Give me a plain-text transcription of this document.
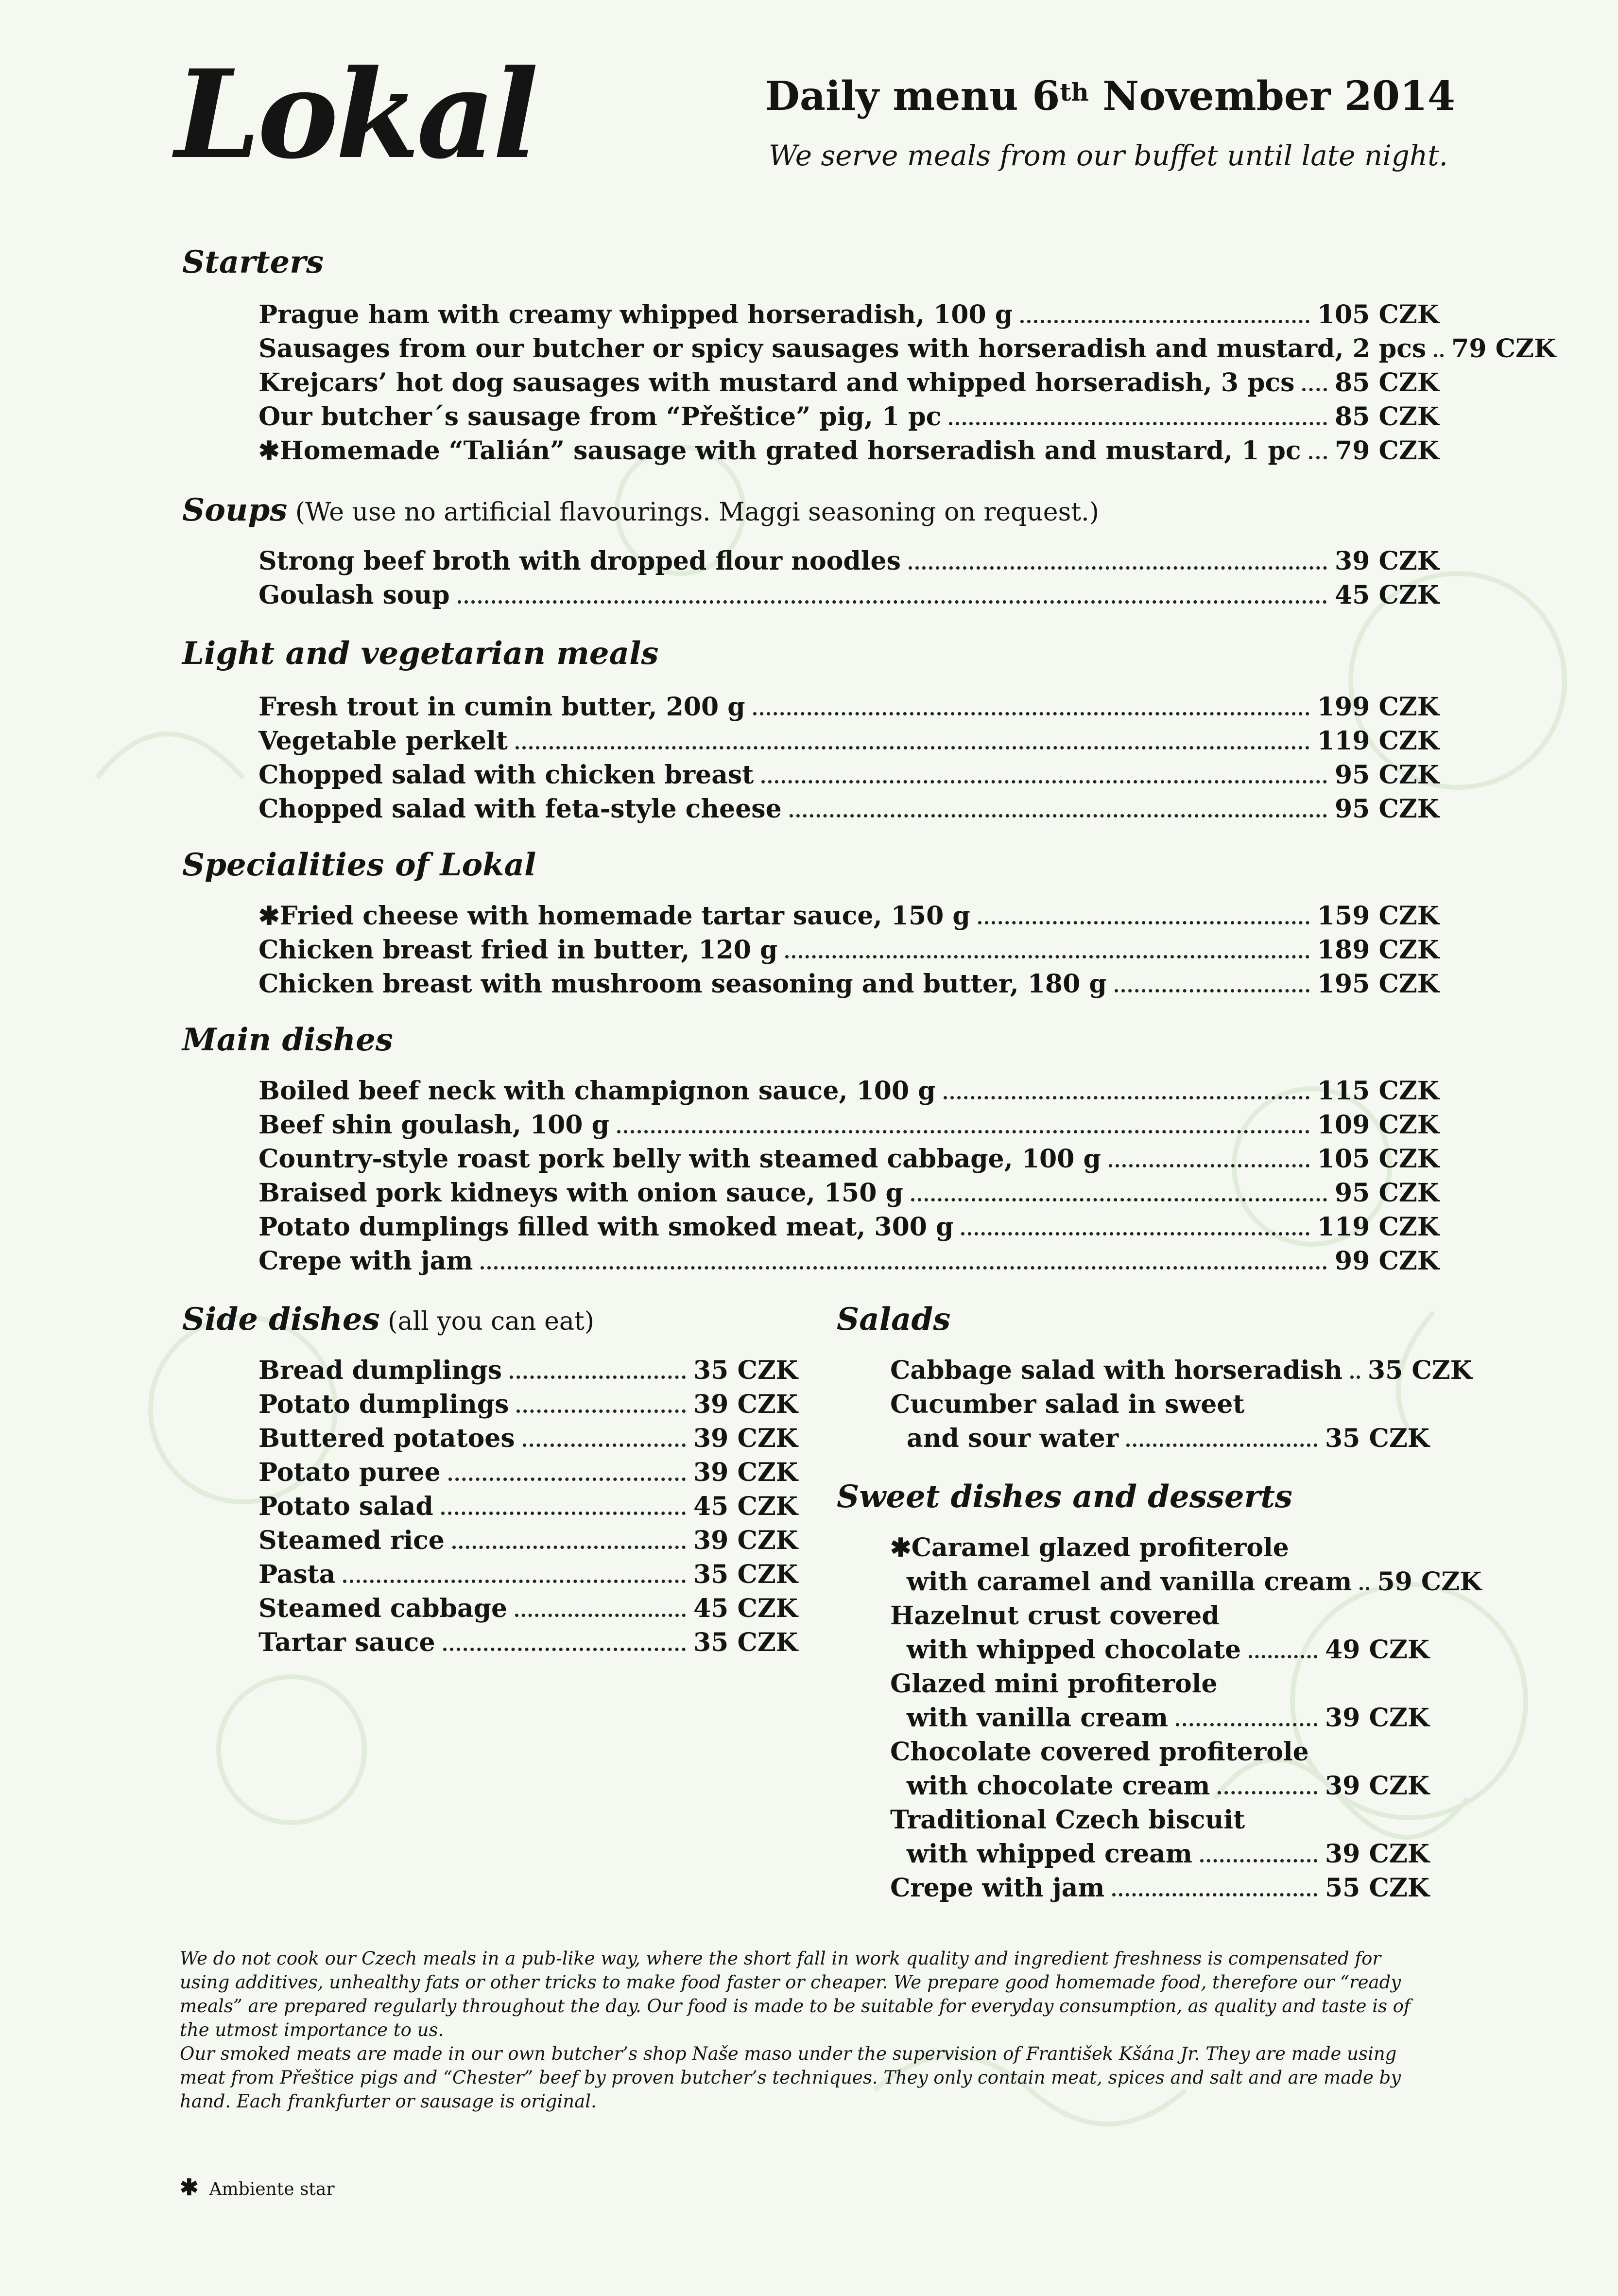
Lokal	Daily menu 6th November 2014
We serve meals from our buffet until late night.
Starters
Prague ham with creamy whipped horseradish, 100 g	105 CZK
Sausages from our butcher or spicy sausages with horseradish and mustard, 2 pcs 79 CZK
Krejcars’ hot dog sausages with mustard and whipped horseradish, 3 pcs 85 CZK
Our butcher´s sausage from “Přeštice” pig, 1 pc	85 CZK
✱Homemade “Talián” sausage with grated horseradish and mustard, 1 pc 79 CZK
Soups (We use no artificial flavourings. Maggi seasoning on request.)
Strong beef broth with dropped flour noodles	39 CZK
Goulash soup	45 CZK
Light and vegetarian meals
Fresh trout in cumin butter, 200 g	199 CZK
Vegetable perkelt	119 CZK
Chopped salad with chicken breast	95 CZK
Chopped salad with feta-style cheese	95 CZK
Specialities of Lokal
✱Fried cheese with homemade tartar sauce, 150 g	159 CZK
Chicken breast fried in butter, 120 g	189 CZK
Chicken breast with mushroom seasoning and butter, 180 g	195 CZK
Main dishes
Boiled beef neck with champignon sauce, 100 g	115 CZK
Beef shin goulash, 100 g	109 CZK
Country-style roast pork belly with steamed cabbage, 100 g	105 CZK
Braised pork kidneys with onion sauce, 150 g	95 CZK
Potato dumplings filled with smoked meat, 300 g	119 CZK
Crepe with jam	99 CZK
Side dishes (all you can eat)
Bread dumplings	35 CZK
Potato dumplings	39 CZK
Buttered potatoes	39 CZK
Potato puree	39 CZK
Potato salad	45 CZK
Steamed rice	39 CZK
Pasta	35 CZK
Steamed cabbage	45 CZK
Tartar sauce	35 CZK
Salads
Cabbage salad with horseradish 35 CZK
Cucumber salad in sweet
and sour water	35 CZK
Sweet dishes and desserts
✱Caramel glazed profiterole
with caramel and vanilla cream 59 CZK
Hazelnut crust covered
with whipped chocolate	49 CZK
Glazed mini profiterole
with vanilla cream	39 CZK
Chocolate covered profiterole
with chocolate cream	39 CZK
Traditional Czech biscuit
with whipped cream	39 CZK
Crepe with jam	55 CZK

We do not cook our Czech meals in a pub-like way, where the short fall in work quality and ingredient freshness is compensated for using additives, unhealthy fats or other tricks to make food faster or cheaper. We prepare good homemade food, therefore our “ready meals” are prepared regularly throughout the day. Our food is made to be suitable for everyday consumption, as quality and taste is of the utmost importance to us.

Our smoked meats are made in our own butcher’s shop Naše maso under the supervision of František Kšána Jr. They are made using meat from Přeštice pigs and “Chester” beef by proven butcher’s techniques. They only contain meat, spices and salt and are made by hand. Each frankfurter or sausage is original.

✱ Ambiente star
